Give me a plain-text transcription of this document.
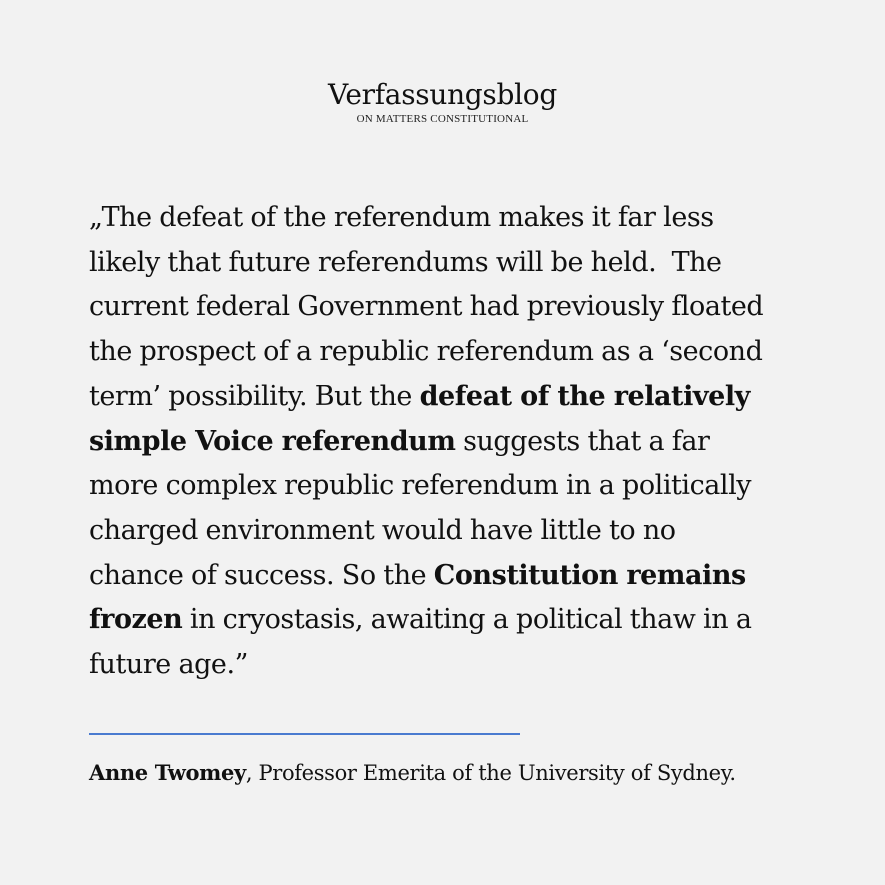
Verfassungsblog
ON MATTERS CONSTITUTIONAL
„The defeat of the referendum makes it far less
likely that future referendums will be held.  The
current federal Government had previously floated
the prospect of a republic referendum as a ‘second
term’ possibility. But the defeat of the relatively
simple Voice referendum suggests that a far
more complex republic referendum in a politically
charged environment would have little to no
chance of success. So the Constitution remains
frozen in cryostasis, awaiting a political thaw in a
future age.”
Anne Twomey, Professor Emerita of the University of Sydney.
